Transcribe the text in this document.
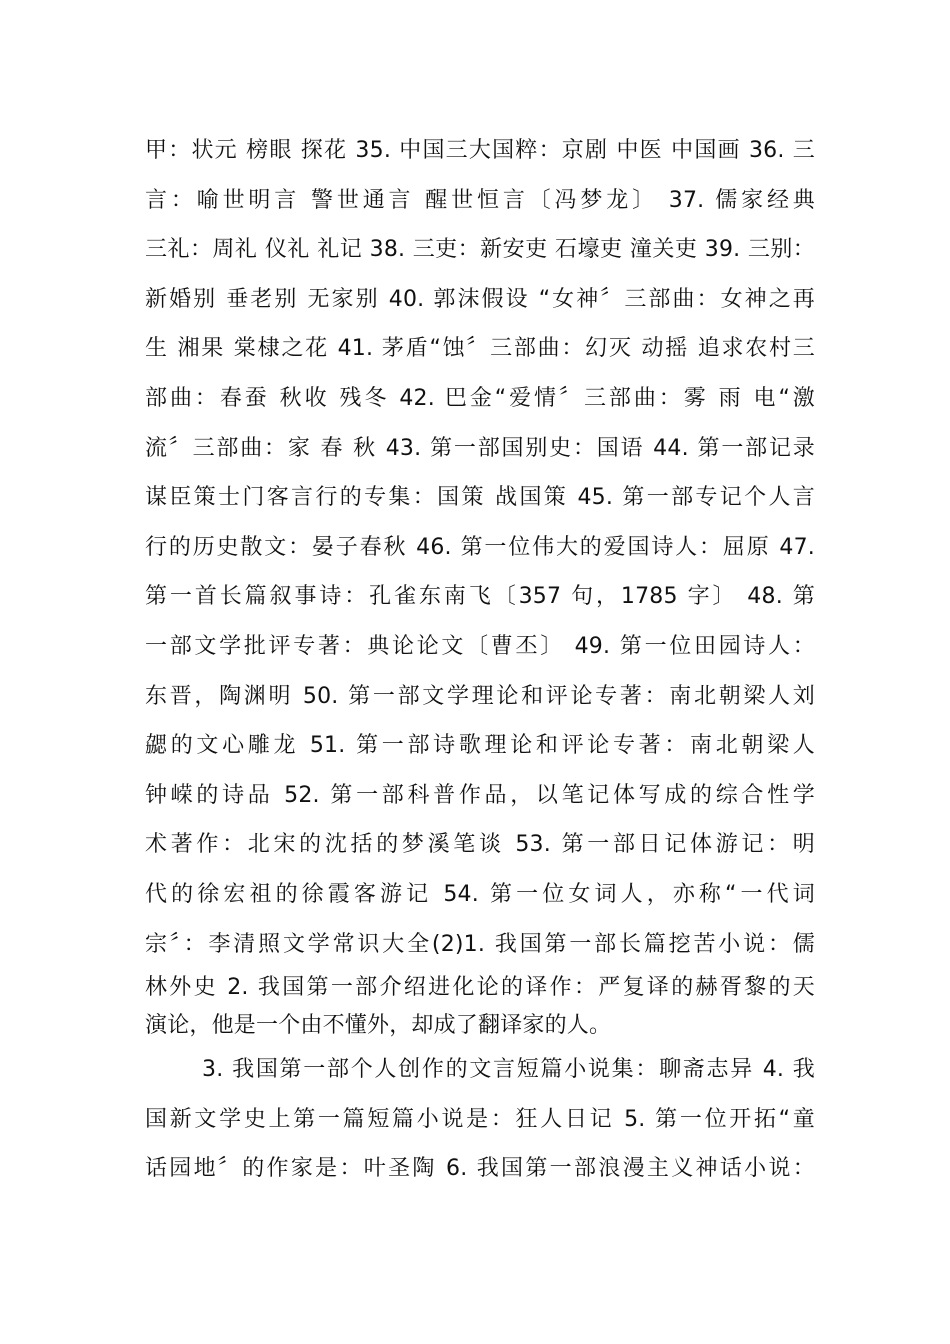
甲：状元 榜眼 探花 35. 中国三大国粹：京剧 中医 中国画 36. 三
言：喻世明言 警世通言 醒世恒言〔冯梦龙〕 37. 儒家经典
三礼：周礼 仪礼 礼记 38. 三吏：新安吏 石壕吏 潼关吏 39. 三别：
新婚别 垂老别 无家别 40. 郭沫假设 “女神〞三部曲：女神之再
生 湘果 棠棣之花 41. 茅盾“蚀〞三部曲：幻灭 动摇 追求农村三
部曲：春蚕 秋收 残冬 42. 巴金“爱情〞三部曲：雾 雨 电“激
流〞三部曲：家 春 秋 43. 第一部国别史：国语 44. 第一部记录
谋臣策士门客言行的专集：国策 战国策 45. 第一部专记个人言
行的历史散文：晏子春秋 46. 第一位伟大的爱国诗人：屈原 47.
第一首长篇叙事诗：孔雀东南飞〔357 句，1785 字〕 48. 第
一部文学批评专著：典论论文〔曹丕〕 49. 第一位田园诗人：
东晋，陶渊明 50. 第一部文学理论和评论专著：南北朝梁人刘
勰的文心雕龙 51. 第一部诗歌理论和评论专著：南北朝梁人
钟嵘的诗品 52. 第一部科普作品，以笔记体写成的综合性学
术著作：北宋的沈括的梦溪笔谈 53. 第一部日记体游记：明
代的徐宏祖的徐霞客游记 54. 第一位女词人，亦称“一代词
宗〞：李清照文学常识大全(2)1. 我国第一部长篇挖苦小说：儒
林外史 2. 我国第一部介绍进化论的译作：严复译的赫胥黎的天
演论，他是一个由不懂外，却成了翻译家的人。
3. 我国第一部个人创作的文言短篇小说集：聊斋志异 4. 我
国新文学史上第一篇短篇小说是：狂人日记 5. 第一位开拓“童
话园地〞的作家是：叶圣陶 6. 我国第一部浪漫主义神话小说：
